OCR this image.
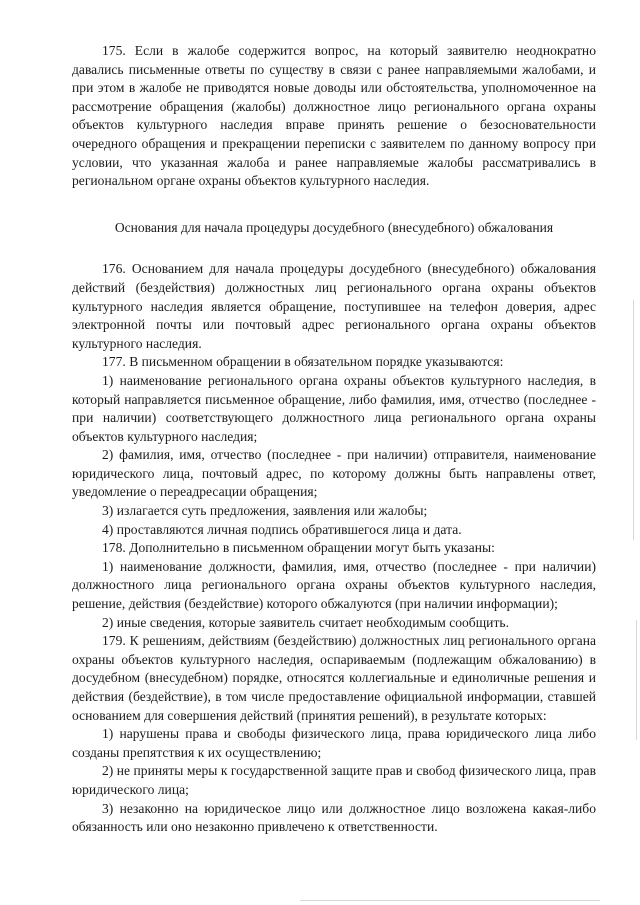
175. Если в жалобе содержится вопрос, на который заявителю неоднократно давались письменные ответы по существу в связи с ранее направляемыми жалобами, и при этом в жалобе не приводятся новые доводы или обстоятельства, уполномоченное на рассмотрение обращения (жалобы) должностное лицо регионального органа охраны объектов культурного наследия вправе принять решение о безосновательности очередного обращения и прекращении переписки с заявителем по данному вопросу при условии, что указанная жалоба и ранее направляемые жалобы рассматривались в региональном органе охраны объектов культурного наследия.

Основания для начала процедуры досудебного (внесудебного) обжалования

176. Основанием для начала процедуры досудебного (внесудебного) обжалования действий (бездействия) должностных лиц регионального органа охраны объектов культурного наследия является обращение, поступившее на телефон доверия, адрес электронной почты или почтовый адрес регионального органа охраны объектов культурного наследия.

177. В письменном обращении в обязательном порядке указываются:

1) наименование регионального органа охраны объектов культурного наследия, в который направляется письменное обращение, либо фамилия, имя, отчество (последнее - при наличии) соответствующего должностного лица регионального органа охраны объектов культурного наследия;

2) фамилия, имя, отчество (последнее - при наличии) отправителя, наименование юридического лица, почтовый адрес, по которому должны быть направлены ответ, уведомление о переадресации обращения;

3) излагается суть предложения, заявления или жалобы;

4) проставляются личная подпись обратившегося лица и дата.

178. Дополнительно в письменном обращении могут быть указаны:

1) наименование должности, фамилия, имя, отчество (последнее - при наличии) должностного лица регионального органа охраны объектов культурного наследия, решение, действия (бездействие) которого обжалуются (при наличии информации);

2) иные сведения, которые заявитель считает необходимым сообщить.

179. К решениям, действиям (бездействию) должностных лиц регионального органа охраны объектов культурного наследия, оспариваемым (подлежащим обжалованию) в досудебном (внесудебном) порядке, относятся коллегиальные и единоличные решения и действия (бездействие), в том числе предоставление официальной информации, ставшей основанием для совершения действий (принятия решений), в результате которых:

1) нарушены права и свободы физического лица, права юридического лица либо созданы препятствия к их осуществлению;

2) не приняты меры к государственной защите прав и свобод физического лица, прав юридического лица;

3) незаконно на юридическое лицо или должностное лицо возложена какая-либо обязанность или оно незаконно привлечено к ответственности.
